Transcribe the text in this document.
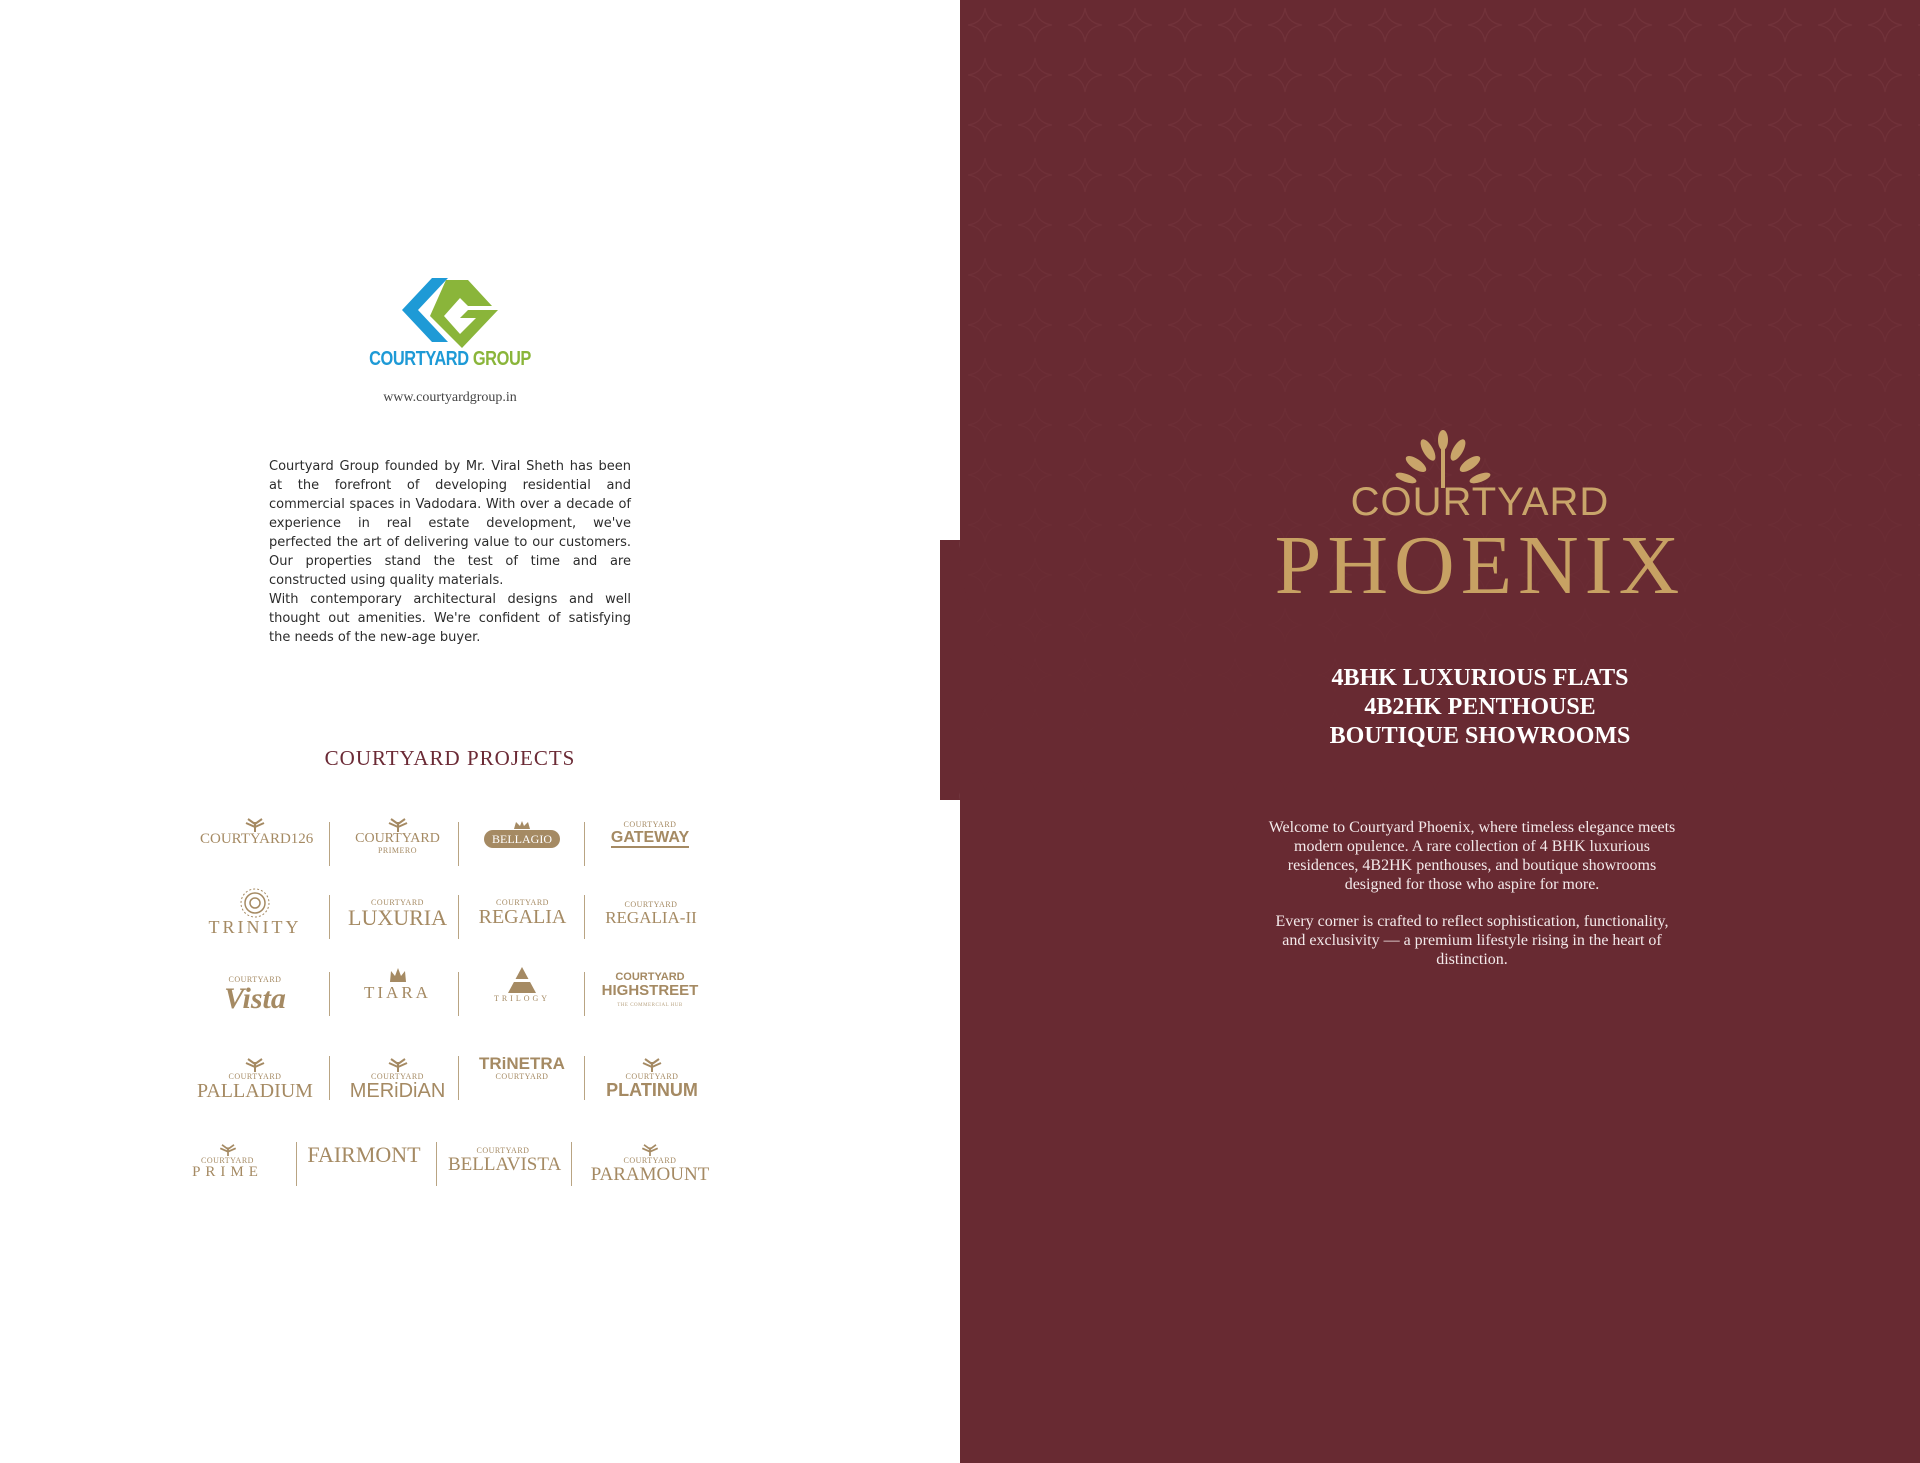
COURTYARD GROUP
www.courtyardgroup.in
Courtyard Group founded by Mr. Viral Sheth has been at the forefront of developing residential and commercial spaces in Vadodara. With over a decade of experience in real estate development, we've perfected the art of delivering value to our customers. Our properties stand the test of time and are constructed using quality materials.
With contemporary architectural designs and well thought out amenities. We're confident of satisfying the needs of the new-age buyer.
COURTYARD PROJECTS
COURTYARD126	COURTYARD
PRIMERO
BELLAGIO
COURTYARD
GATEWAY
TRINITY
COURTYARD
LUXURIA
COURTYARD
REGALIA
COURTYARD
REGALIA-II
COURTYARD
Vista	TIARA	TRILOGY
COURTYARD
HIGHSTREET
THE COMMERCIAL HUB
COURTYARD
PALLADIUM
COURTYARD
MERiDiAN
TRiNETRA
COURTYARD	COURTYARD
PLATINUM
COURTYARD
PRIME
FAIRMONT	COURTYARD
BELLAVISTA	COURTYARD
PARAMOUNT
COURTYARD
PHOENIX
4BHK LUXURIOUS FLATS
4B2HK PENTHOUSE
BOUTIQUE SHOWROOMS
Welcome to Courtyard Phoenix, where timeless elegance meets modern opulence. A rare collection of 4 BHK luxurious residences, 4B2HK penthouses, and boutique showrooms designed for those who aspire for more.
Every corner is crafted to reflect sophistication, functionality, and exclusivity — a premium lifestyle rising in the heart of distinction.
